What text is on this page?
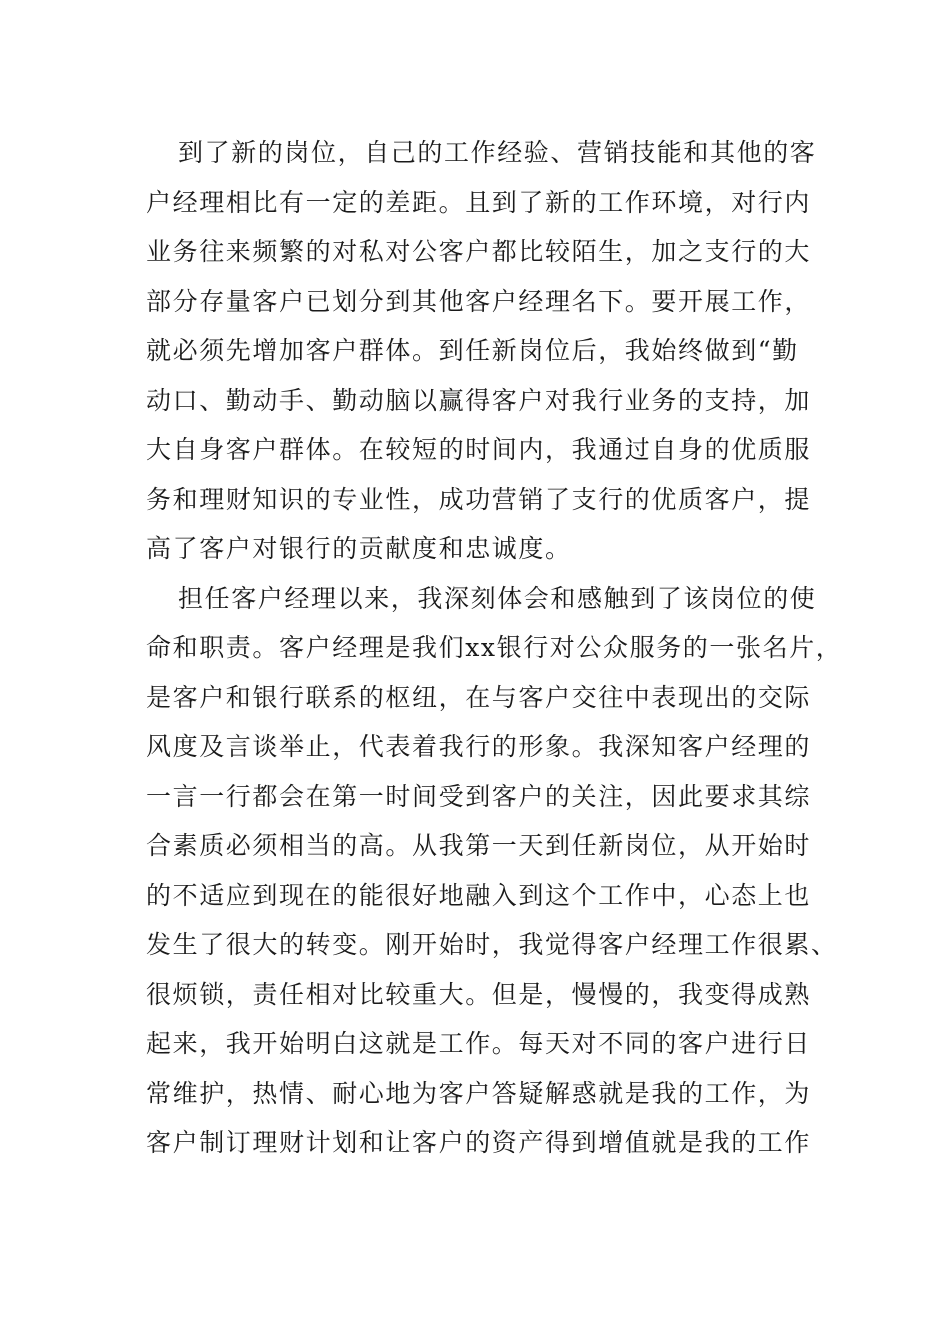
到了新的岗位，自己的工作经验、营销技能和其他的客
户经理相比有一定的差距。且到了新的工作环境，对行内
业务往来频繁的对私对公客户都比较陌生，加之支行的大
部分存量客户已划分到其他客户经理名下。要开展工作，
就必须先增加客户群体。到任新岗位后，我始终做到“勤
动口、勤动手、勤动脑以赢得客户对我行业务的支持，加
大自身客户群体。在较短的时间内，我通过自身的优质服
务和理财知识的专业性，成功营销了支行的优质客户，提
高了客户对银行的贡献度和忠诚度。
担任客户经理以来，我深刻体会和感触到了该岗位的使
命和职责。客户经理是我们xx银行对公众服务的一张名片，
是客户和银行联系的枢纽，在与客户交往中表现出的交际
风度及言谈举止，代表着我行的形象。我深知客户经理的
一言一行都会在第一时间受到客户的关注，因此要求其综
合素质必须相当的高。从我第一天到任新岗位，从开始时
的不适应到现在的能很好地融入到这个工作中，心态上也
发生了很大的转变。刚开始时，我觉得客户经理工作很累、
很烦锁，责任相对比较重大。但是，慢慢的，我变得成熟
起来，我开始明白这就是工作。每天对不同的客户进行日
常维护，热情、耐心地为客户答疑解惑就是我的工作，为
客户制订理财计划和让客户的资产得到增值就是我的工作
